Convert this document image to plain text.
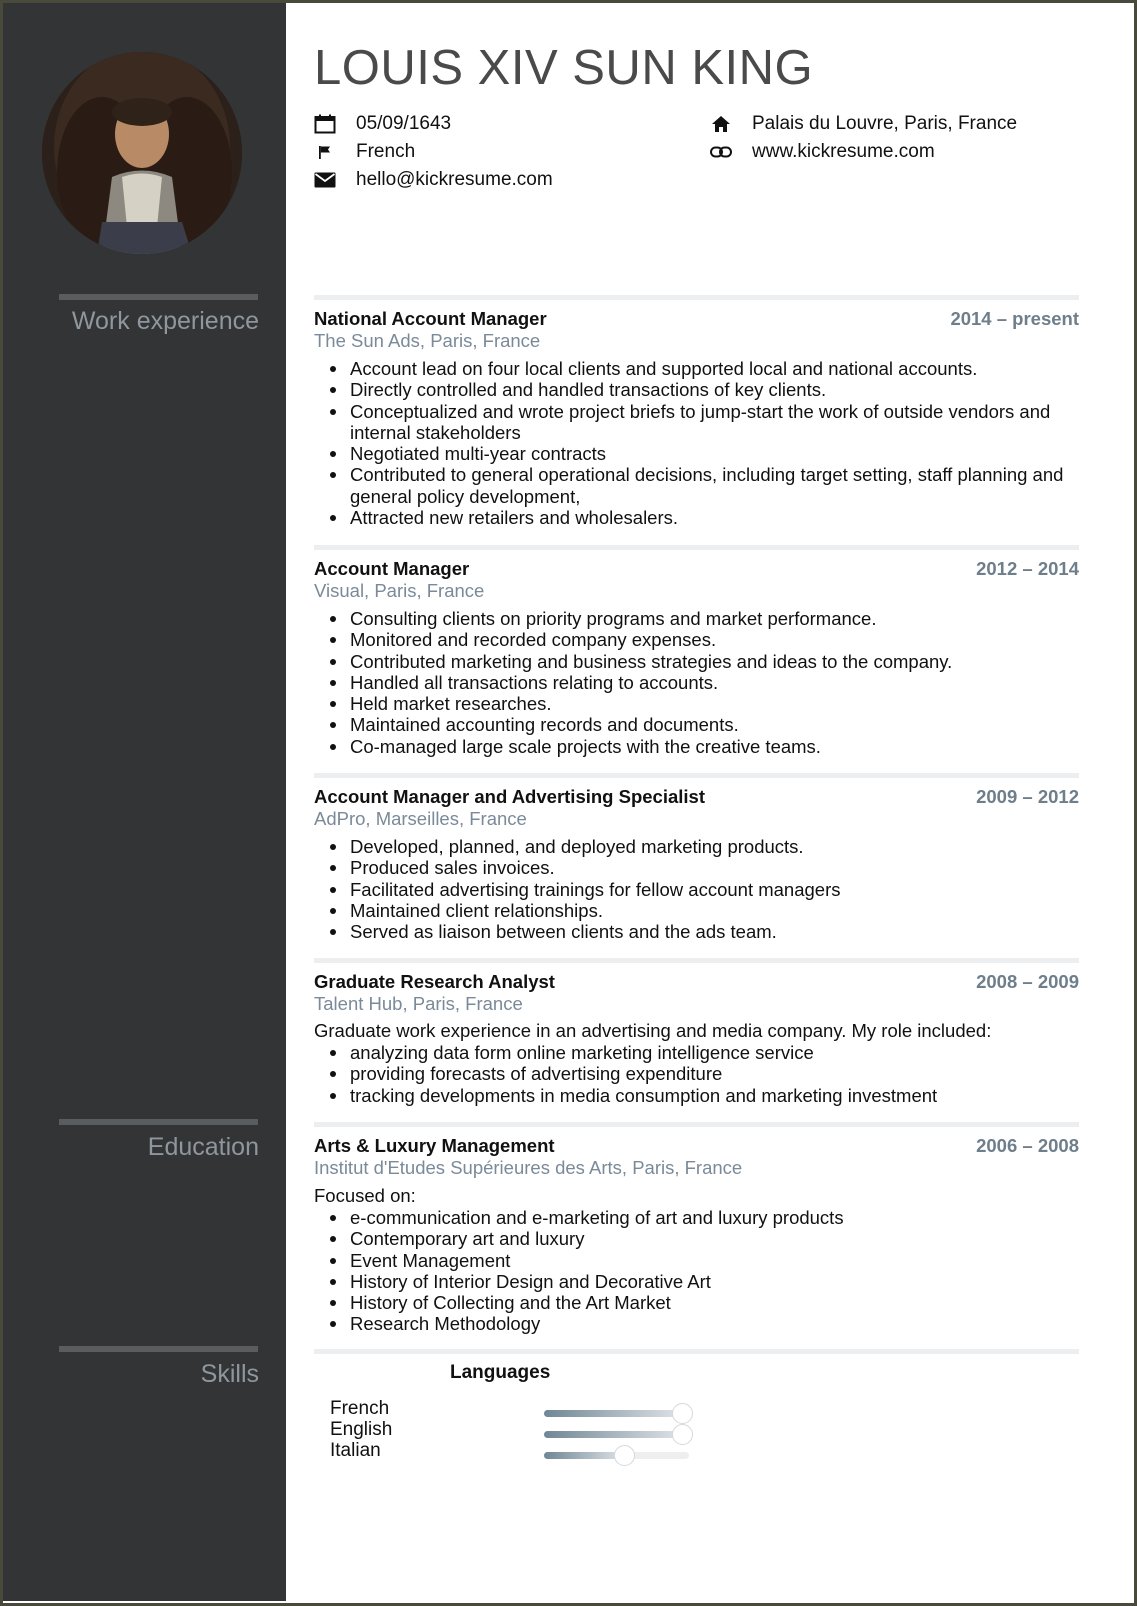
Work experience
Education
Skills
LOUIS XIV SUN KING
05/09/1643
French
hello@kickresume.com
Palais du Louvre, Paris, France
www.kickresume.com
National Account Manager	2014 – present
The Sun Ads, Paris, France
Account lead on four local clients and supported local and national accounts.
Directly controlled and handled transactions of key clients.
Conceptualized and wrote project briefs to jump-start the work of outside vendors and internal stakeholders
Negotiated multi-year contracts
Contributed to general operational decisions, including target setting, staff planning and general policy development,
Attracted new retailers and wholesalers.
Account Manager	2012 – 2014
Visual, Paris, France
Consulting clients on priority programs and market performance.
Monitored and recorded company expenses.
Contributed marketing and business strategies and ideas to the company.
Handled all transactions relating to accounts.
Held market researches.
Maintained accounting records and documents.
Co-managed large scale projects with the creative teams.
Account Manager and Advertising Specialist	2009 – 2012
AdPro, Marseilles, France
Developed, planned, and deployed marketing products.
Produced sales invoices.
Facilitated advertising trainings for fellow account managers
Maintained client relationships.
Served as liaison between clients and the ads team.
Graduate Research Analyst	2008 – 2009
Talent Hub, Paris, France
Graduate work experience in an advertising and media company. My role included:
analyzing data form online marketing intelligence service
providing forecasts of advertising expenditure
tracking developments in media consumption and marketing investment
Arts & Luxury Management	2006 – 2008
Institut d'Etudes Supérieures des Arts, Paris, France
Focused on:
e-communication and e-marketing of art and luxury products
Contemporary art and luxury
Event Management
History of Interior Design and Decorative Art
History of Collecting and the Art Market
Research Methodology
Languages
French
English
Italian
